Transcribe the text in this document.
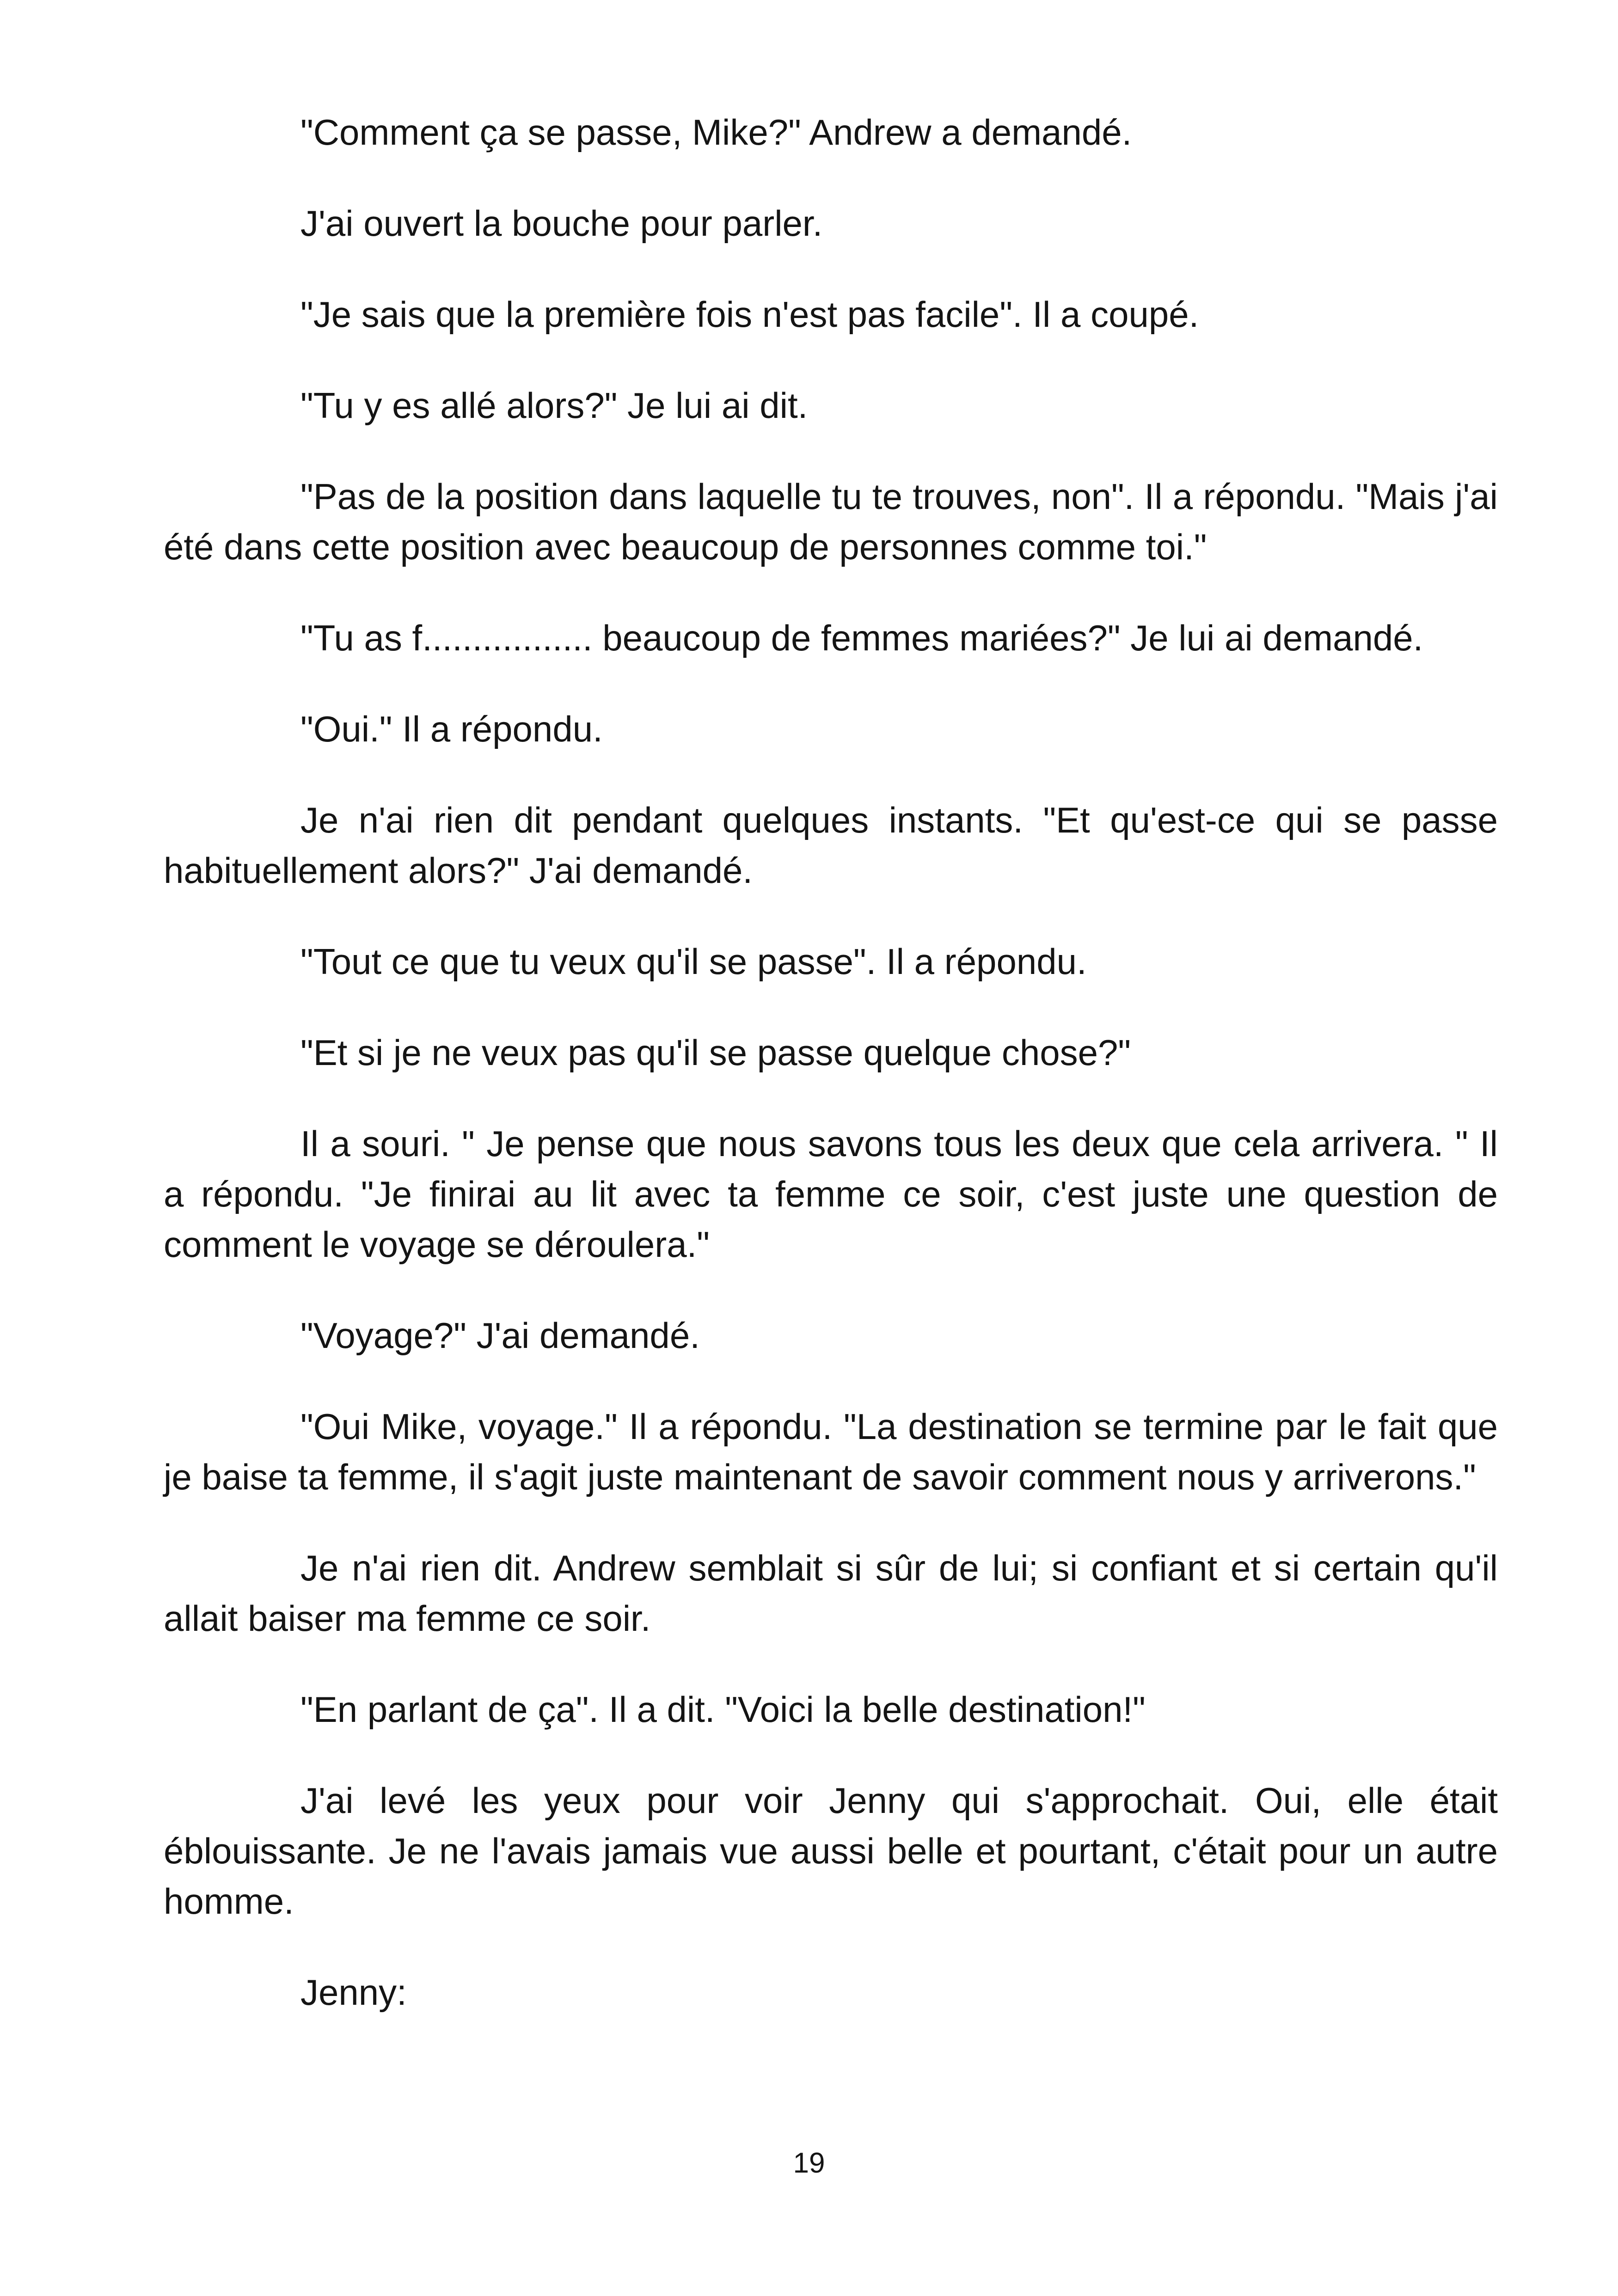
"Comment ça se passe, Mike?" Andrew a demandé.

J'ai ouvert la bouche pour parler.

"Je sais que la première fois n'est pas facile". Il a coupé.

"Tu y es allé alors?" Je lui ai dit.

"Pas de la position dans laquelle tu te trouves, non". Il a répondu. "Mais j'ai été dans cette position avec beaucoup de personnes comme toi."

"Tu as f................. beaucoup de femmes mariées?" Je lui ai demandé.

"Oui." Il a répondu.

Je n'ai rien dit pendant quelques instants. "Et qu'est-ce qui se passe habituellement alors?" J'ai demandé.

"Tout ce que tu veux qu'il se passe". Il a répondu.

"Et si je ne veux pas qu'il se passe quelque chose?"

Il a souri. " Je pense que nous savons tous les deux que cela arrivera. " Il a répondu. "Je finirai au lit avec ta femme ce soir, c'est juste une question de comment le voyage se déroulera."

"Voyage?" J'ai demandé.

"Oui Mike, voyage." Il a répondu. "La destination se termine par le fait que je baise ta femme, il s'agit juste maintenant de savoir comment nous y arriverons."

Je n'ai rien dit. Andrew semblait si sûr de lui; si confiant et si certain qu'il allait baiser ma femme ce soir.

"En parlant de ça". Il a dit. "Voici la belle destination!"

J'ai levé les yeux pour voir Jenny qui s'approchait. Oui, elle était éblouissante. Je ne l'avais jamais vue aussi belle et pourtant, c'était pour un autre homme.

Jenny:

19
